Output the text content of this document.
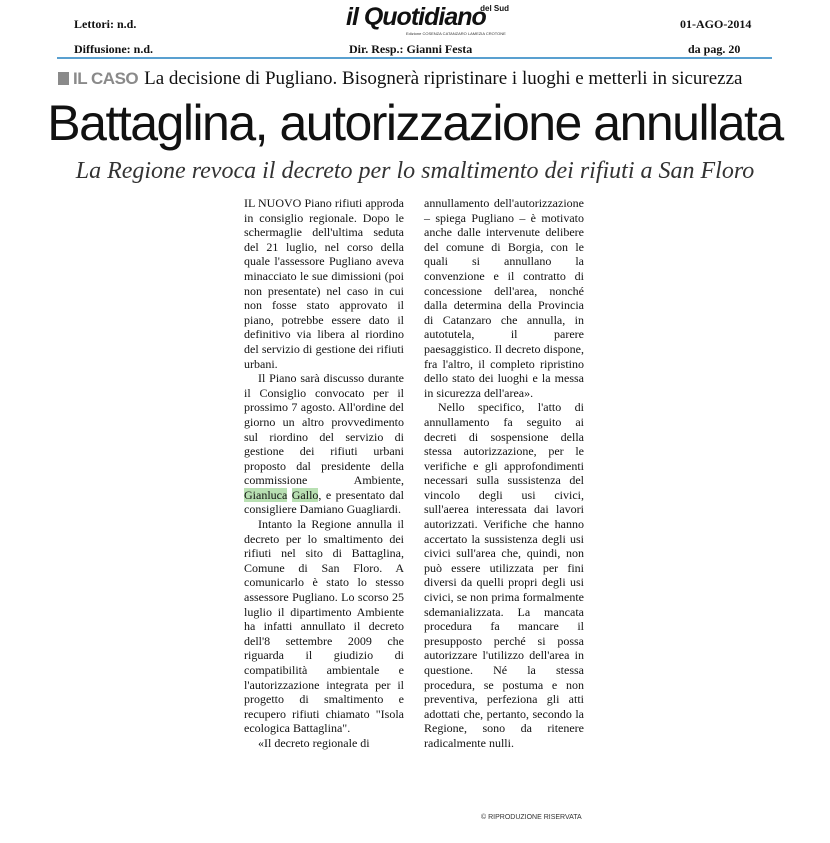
Lettori: n.d.
Diffusione: n.d.
il Quotidiano
del Sud
Edizione COSENZA CATANZARO LAMEZIA CROTONE
Dir. Resp.: Gianni Festa
01-AGO-2014
da pag. 20
IL CASO La decisione di Pugliano. Bisognerà ripristinare i luoghi e metterli in sicurezza
Battaglina, autorizzazione annullata
La Regione revoca il decreto per lo smaltimento dei rifiuti a San Floro

IL NUOVO Piano rifiuti approda in consiglio regionale. Dopo le schermaglie dell'ultima seduta del 21 luglio, nel corso della quale l'assessore Pugliano aveva minacciato le sue dimissioni (poi non presentate) nel caso in cui non fosse stato approvato il piano, potrebbe essere dato il definitivo via libera al riordino del servizio di gestione dei rifiuti urbani.

Il Piano sarà discusso durante il Consiglio convocato per il prossimo 7 agosto. All'ordine del giorno un altro provvedimento sul riordino del servizio di gestione dei rifiuti urbani proposto dal presidente della commissione Ambiente, Gianluca Gallo, e presentato dal consigliere Damiano Guagliardi.

Intanto la Regione annulla il decreto per lo smaltimento dei rifiuti nel sito di Battaglina, Comune di San Floro. A comunicarlo è stato lo stesso assessore Pugliano. Lo scorso 25 luglio il dipartimento Ambiente ha infatti annullato il decreto dell'8 settembre 2009 che riguarda il giudizio di compatibilità ambientale e l'autorizzazione integrata per il progetto di smaltimento e recupero rifiuti chiamato "Isola ecologica Battaglina".

«Il decreto regionale di

annullamento dell'autorizzazione – spiega Pugliano – è motivato anche dalle intervenute delibere del comune di Borgia, con le quali si annullano la convenzione e il contratto di concessione dell'area, nonché dalla determina della Provincia di Catanzaro che annulla, in autotutela, il parere paesaggistico. Il decreto dispone, fra l'altro, il completo ripristino dello stato dei luoghi e la messa in sicurezza dell'area».

Nello specifico, l'atto di annullamento fa seguito ai decreti di sospensione della stessa autorizzazione, per le verifiche e gli approfondimenti necessari sulla sussistenza del vincolo degli usi civici, sull'aerea interessata dai lavori autorizzati. Verifiche che hanno accertato la sussistenza degli usi civici sull'area che, quindi, non può essere utilizzata per fini diversi da quelli propri degli usi civici, se non prima formalmente sdemanializzata. La mancata procedura fa mancare il presupposto perché si possa autorizzare l'utilizzo dell'area in questione. Né la stessa procedura, se postuma e non preventiva, perfeziona gli atti adottati che, pertanto, secondo la Regione, sono da ritenere radicalmente nulli.

© RIPRODUZIONE RISERVATA
